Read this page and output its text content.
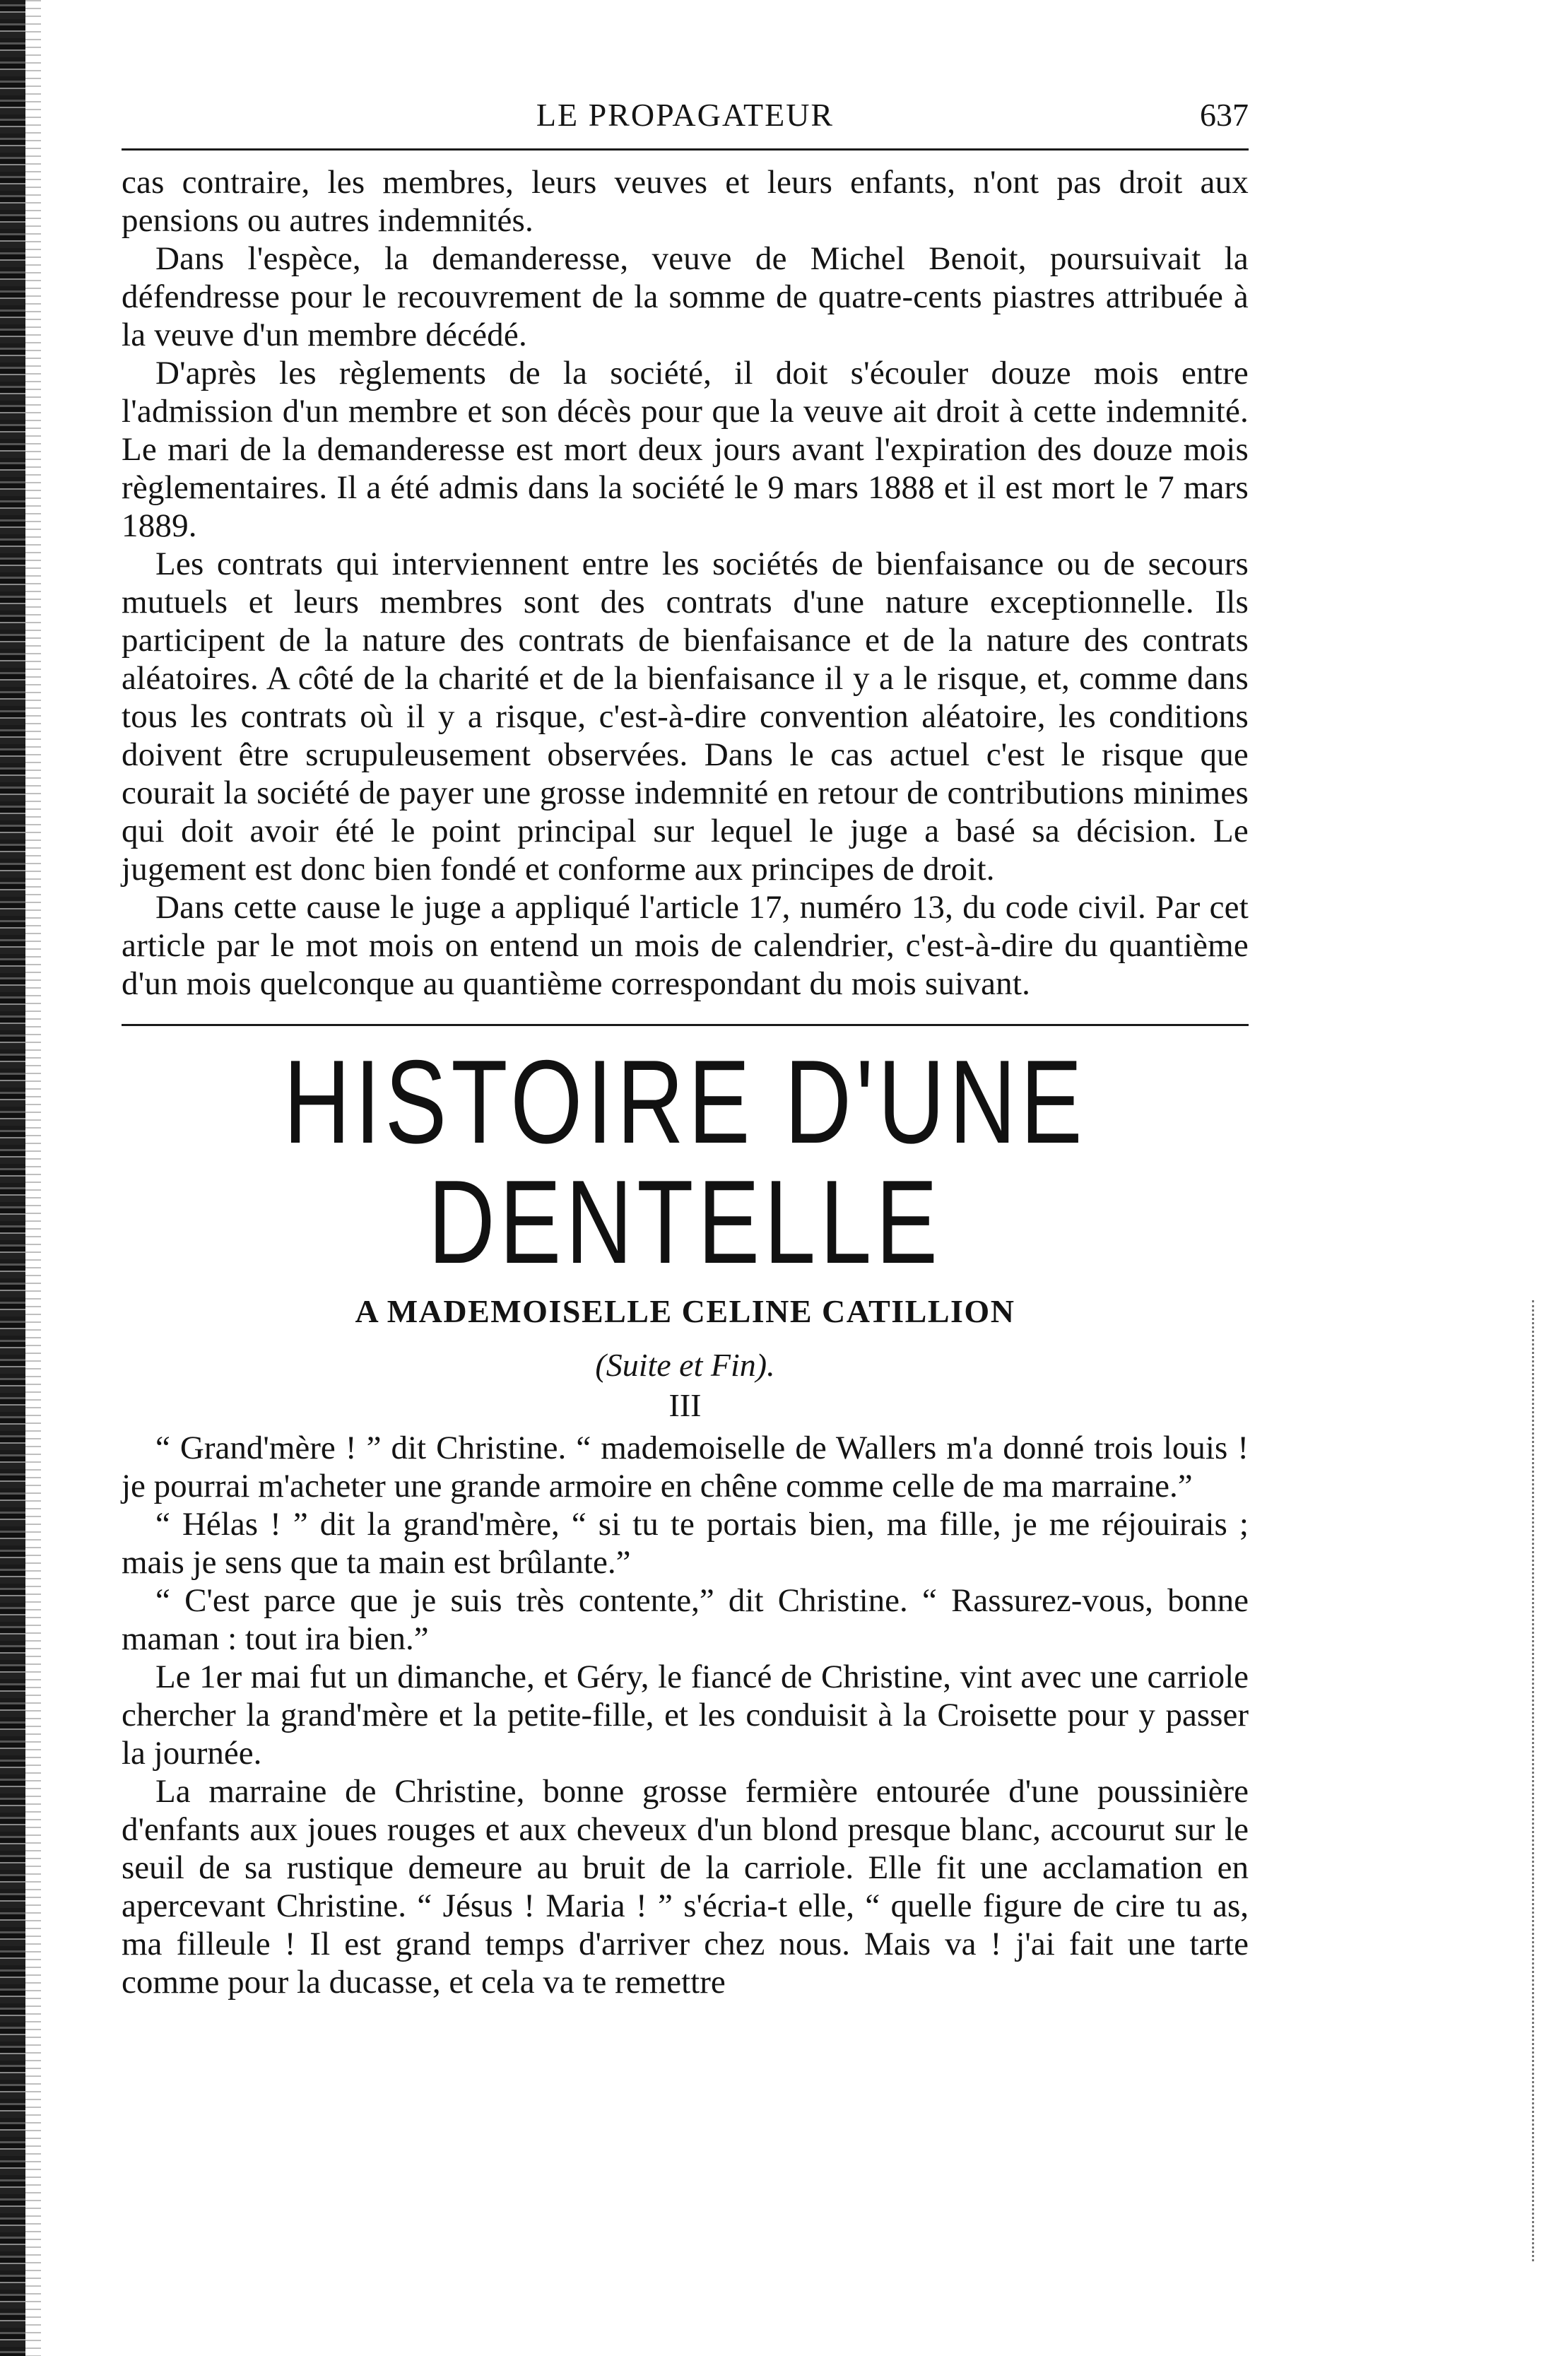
LE PROPAGATEUR	637

cas contraire, les membres, leurs veuves et leurs enfants, n'ont pas droit aux pensions ou autres indemnités.

Dans l'espèce, la demanderesse, veuve de Michel Benoit, poursuivait la défendresse pour le recouvrement de la somme de quatre-cents piastres attribuée à la veuve d'un membre décédé.

D'après les règlements de la société, il doit s'écouler douze mois entre l'admission d'un membre et son décès pour que la veuve ait droit à cette indemnité. Le mari de la demanderesse est mort deux jours avant l'expiration des douze mois règlementaires. Il a été admis dans la société le 9 mars 1888 et il est mort le 7 mars 1889.

Les contrats qui interviennent entre les sociétés de bienfaisance ou de secours mutuels et leurs membres sont des contrats d'une nature exceptionnelle. Ils participent de la nature des contrats de bienfaisance et de la nature des contrats aléatoires. A côté de la charité et de la bienfaisance il y a le risque, et, comme dans tous les contrats où il y a risque, c'est-à-dire convention aléatoire, les conditions doivent être scrupuleusement observées. Dans le cas actuel c'est le risque que courait la société de payer une grosse indemnité en retour de contributions minimes qui doit avoir été le point principal sur lequel le juge a basé sa décision. Le jugement est donc bien fondé et conforme aux principes de droit.

Dans cette cause le juge a appliqué l'article 17, numéro 13, du code civil. Par cet article par le mot mois on entend un mois de calendrier, c'est-à-dire du quantième d'un mois quelconque au quantième correspondant du mois suivant.

HISTOIRE D'UNE DENTELLE
A MADEMOISELLE CELINE CATILLION

(Suite et Fin).

III

“ Grand'mère ! ” dit Christine. “ mademoiselle de Wallers m'a donné trois louis ! je pourrai m'acheter une grande armoire en chêne comme celle de ma marraine.”

“ Hélas ! ” dit la grand'mère, “ si tu te portais bien, ma fille, je me réjouirais ; mais je sens que ta main est brûlante.”

“ C'est parce que je suis très contente,” dit Christine. “ Rassurez-vous, bonne maman : tout ira bien.”

Le 1er mai fut un dimanche, et Géry, le fiancé de Christine, vint avec une carriole chercher la grand'mère et la petite-fille, et les conduisit à la Croisette pour y passer la journée.

La marraine de Christine, bonne grosse fermière entourée d'une poussinière d'enfants aux joues rouges et aux cheveux d'un blond presque blanc, accourut sur le seuil de sa rustique demeure au bruit de la carriole. Elle fit une acclamation en apercevant Christine. “ Jésus ! Maria ! ” s'écria-t elle, “ quelle figure de cire tu as, ma filleule ! Il est grand temps d'arriver chez nous. Mais va ! j'ai fait une tarte comme pour la ducasse, et cela va te remettre
